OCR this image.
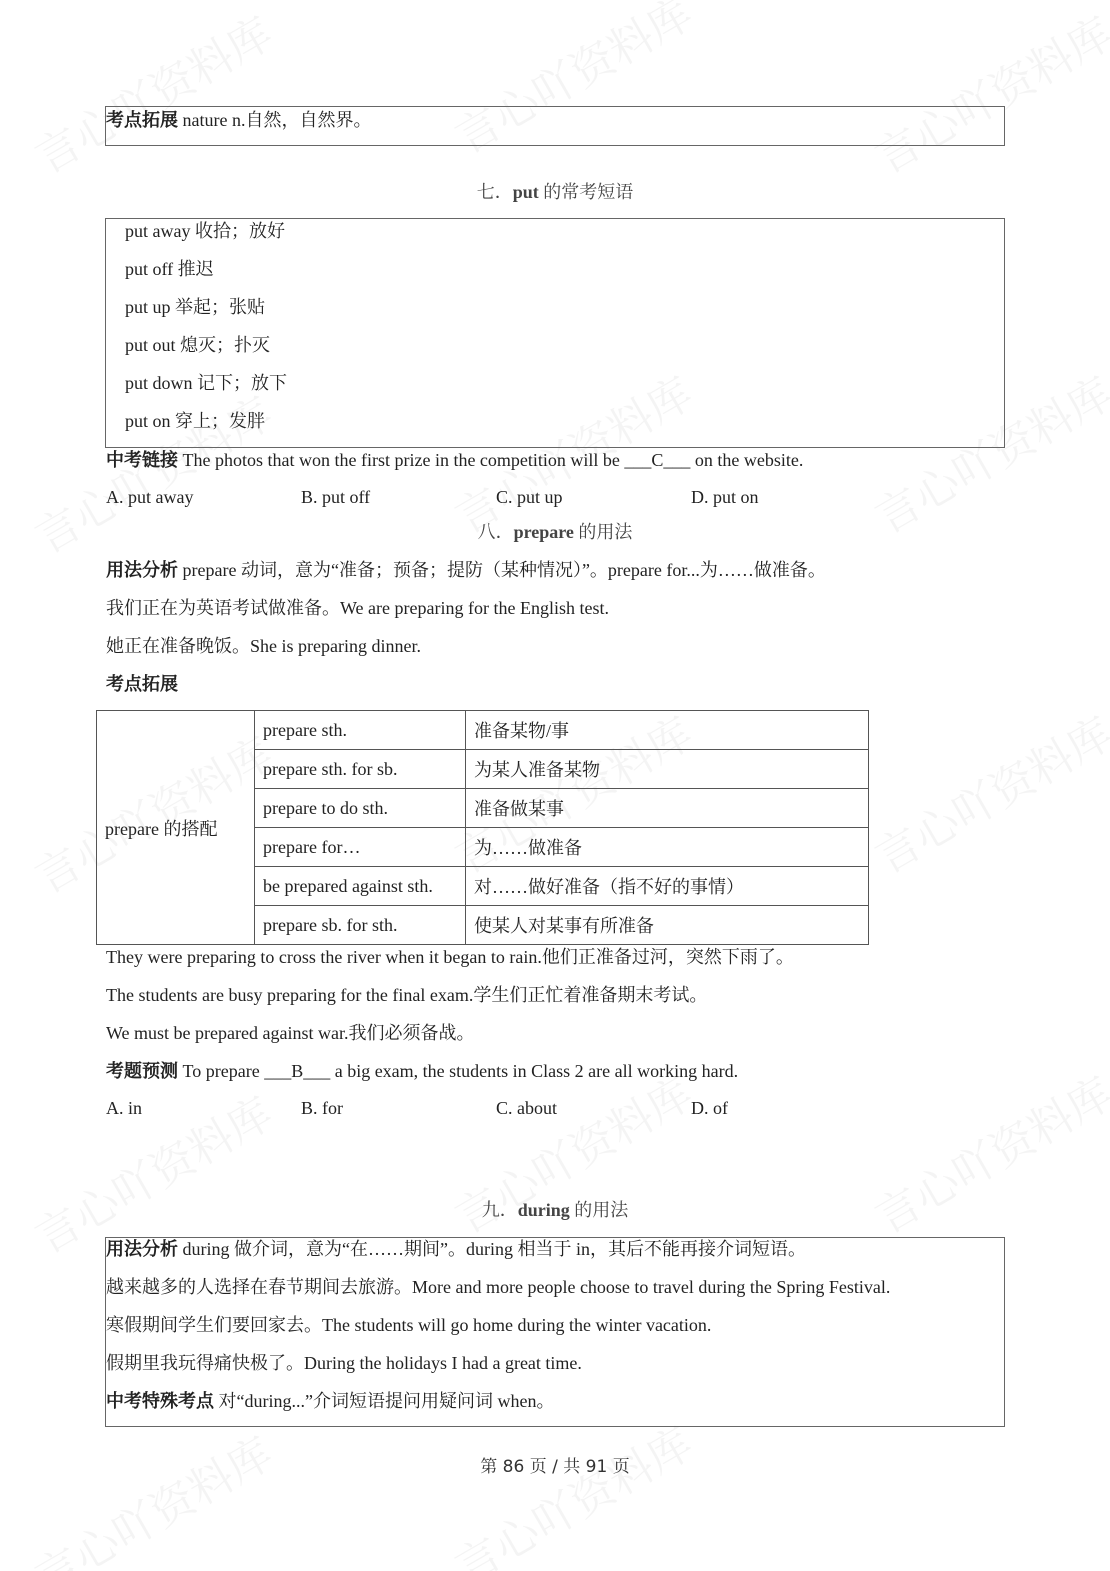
考点拓展 nature n.自然，自然界。
七．put 的常考短语
put away 收拾；放好
put off 推迟
put up 举起；张贴
put out 熄灭；扑灭
put down 记下；放下
put on 穿上；发胖
中考链接 The photos that won the first prize in the competition will be ___C___ on the website.
A. put away	B. put off	C. put up	D. put on
八．prepare 的用法
用法分析 prepare 动词，意为“准备；预备；提防（某种情况）”。prepare for...为……做准备。
我们正在为英语考试做准备。We are preparing for the English test.
她正在准备晚饭。She is preparing dinner.
考点拓展
prepare 的搭配	prepare sth.	准备某物/事
	prepare sth. for sb.	为某人准备某物
	prepare to do sth.	准备做某事
	prepare for…	为……做准备
	be prepared against sth.	对……做好准备（指不好的事情）
	prepare sb. for sth.	使某人对某事有所准备
They were preparing to cross the river when it began to rain.他们正准备过河，突然下雨了。
The students are busy preparing for the final exam.学生们正忙着准备期末考试。
We must be prepared against war.我们必须备战。
考题预测 To prepare ___B___ a big exam, the students in Class 2 are all working hard.
A. in	B. for	C. about	D. of
九．during 的用法
用法分析 during 做介词，意为“在……期间”。during 相当于 in，其后不能再接介词短语。
越来越多的人选择在春节期间去旅游。More and more people choose to travel during the Spring Festival.
寒假期间学生们要回家去。The students will go home during the winter vacation.
假期里我玩得痛快极了。During the holidays I had a great time.
中考特殊考点 对“during...”介词短语提问用疑问词 when。
第 86 页 / 共 91 页
